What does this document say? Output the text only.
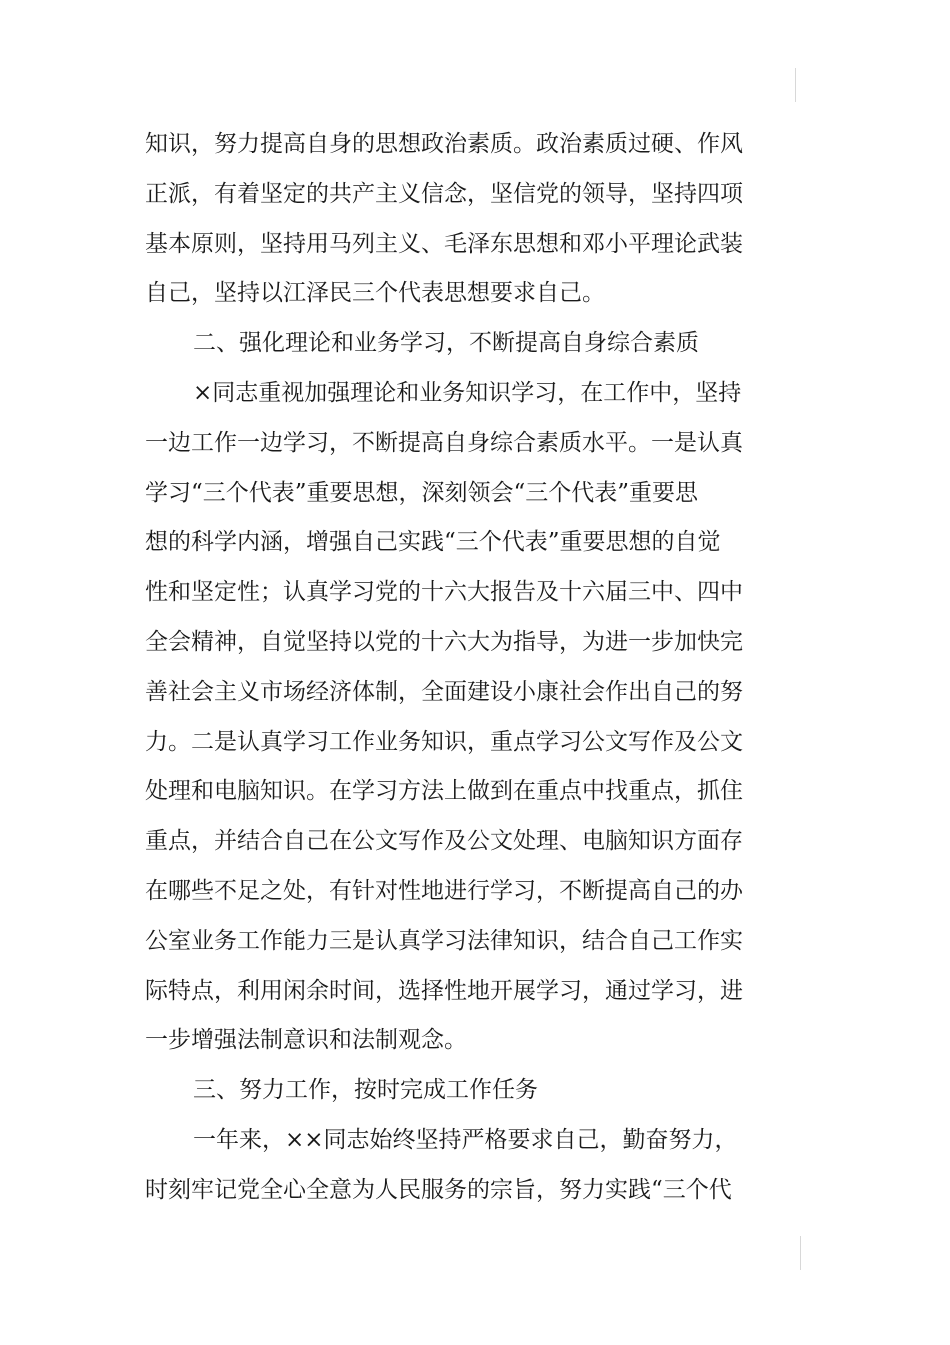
知识，努力提高自身的思想政治素质。政治素质过硬、作风
正派，有着坚定的共产主义信念，坚信党的领导，坚持四项
基本原则，坚持用马列主义、毛泽东思想和邓小平理论武装
自己，坚持以江泽民三个代表思想要求自己。
二、强化理论和业务学习，不断提高自身综合素质
×同志重视加强理论和业务知识学习，在工作中，坚持
一边工作一边学习，不断提高自身综合素质水平。一是认真
学习“三个代表”重要思想，深刻领会“三个代表”重要思
想的科学内涵，增强自己实践“三个代表”重要思想的自觉
性和坚定性；认真学习党的十六大报告及十六届三中、四中
全会精神，自觉坚持以党的十六大为指导，为进一步加快完
善社会主义市场经济体制，全面建设小康社会作出自己的努
力。二是认真学习工作业务知识，重点学习公文写作及公文
处理和电脑知识。在学习方法上做到在重点中找重点，抓住
重点，并结合自己在公文写作及公文处理、电脑知识方面存
在哪些不足之处，有针对性地进行学习，不断提高自己的办
公室业务工作能力三是认真学习法律知识，结合自己工作实
际特点，利用闲余时间，选择性地开展学习，通过学习，进
一步增强法制意识和法制观念。
三、努力工作，按时完成工作任务
一年来，××同志始终坚持严格要求自己，勤奋努力，
时刻牢记党全心全意为人民服务的宗旨，努力实践“三个代
